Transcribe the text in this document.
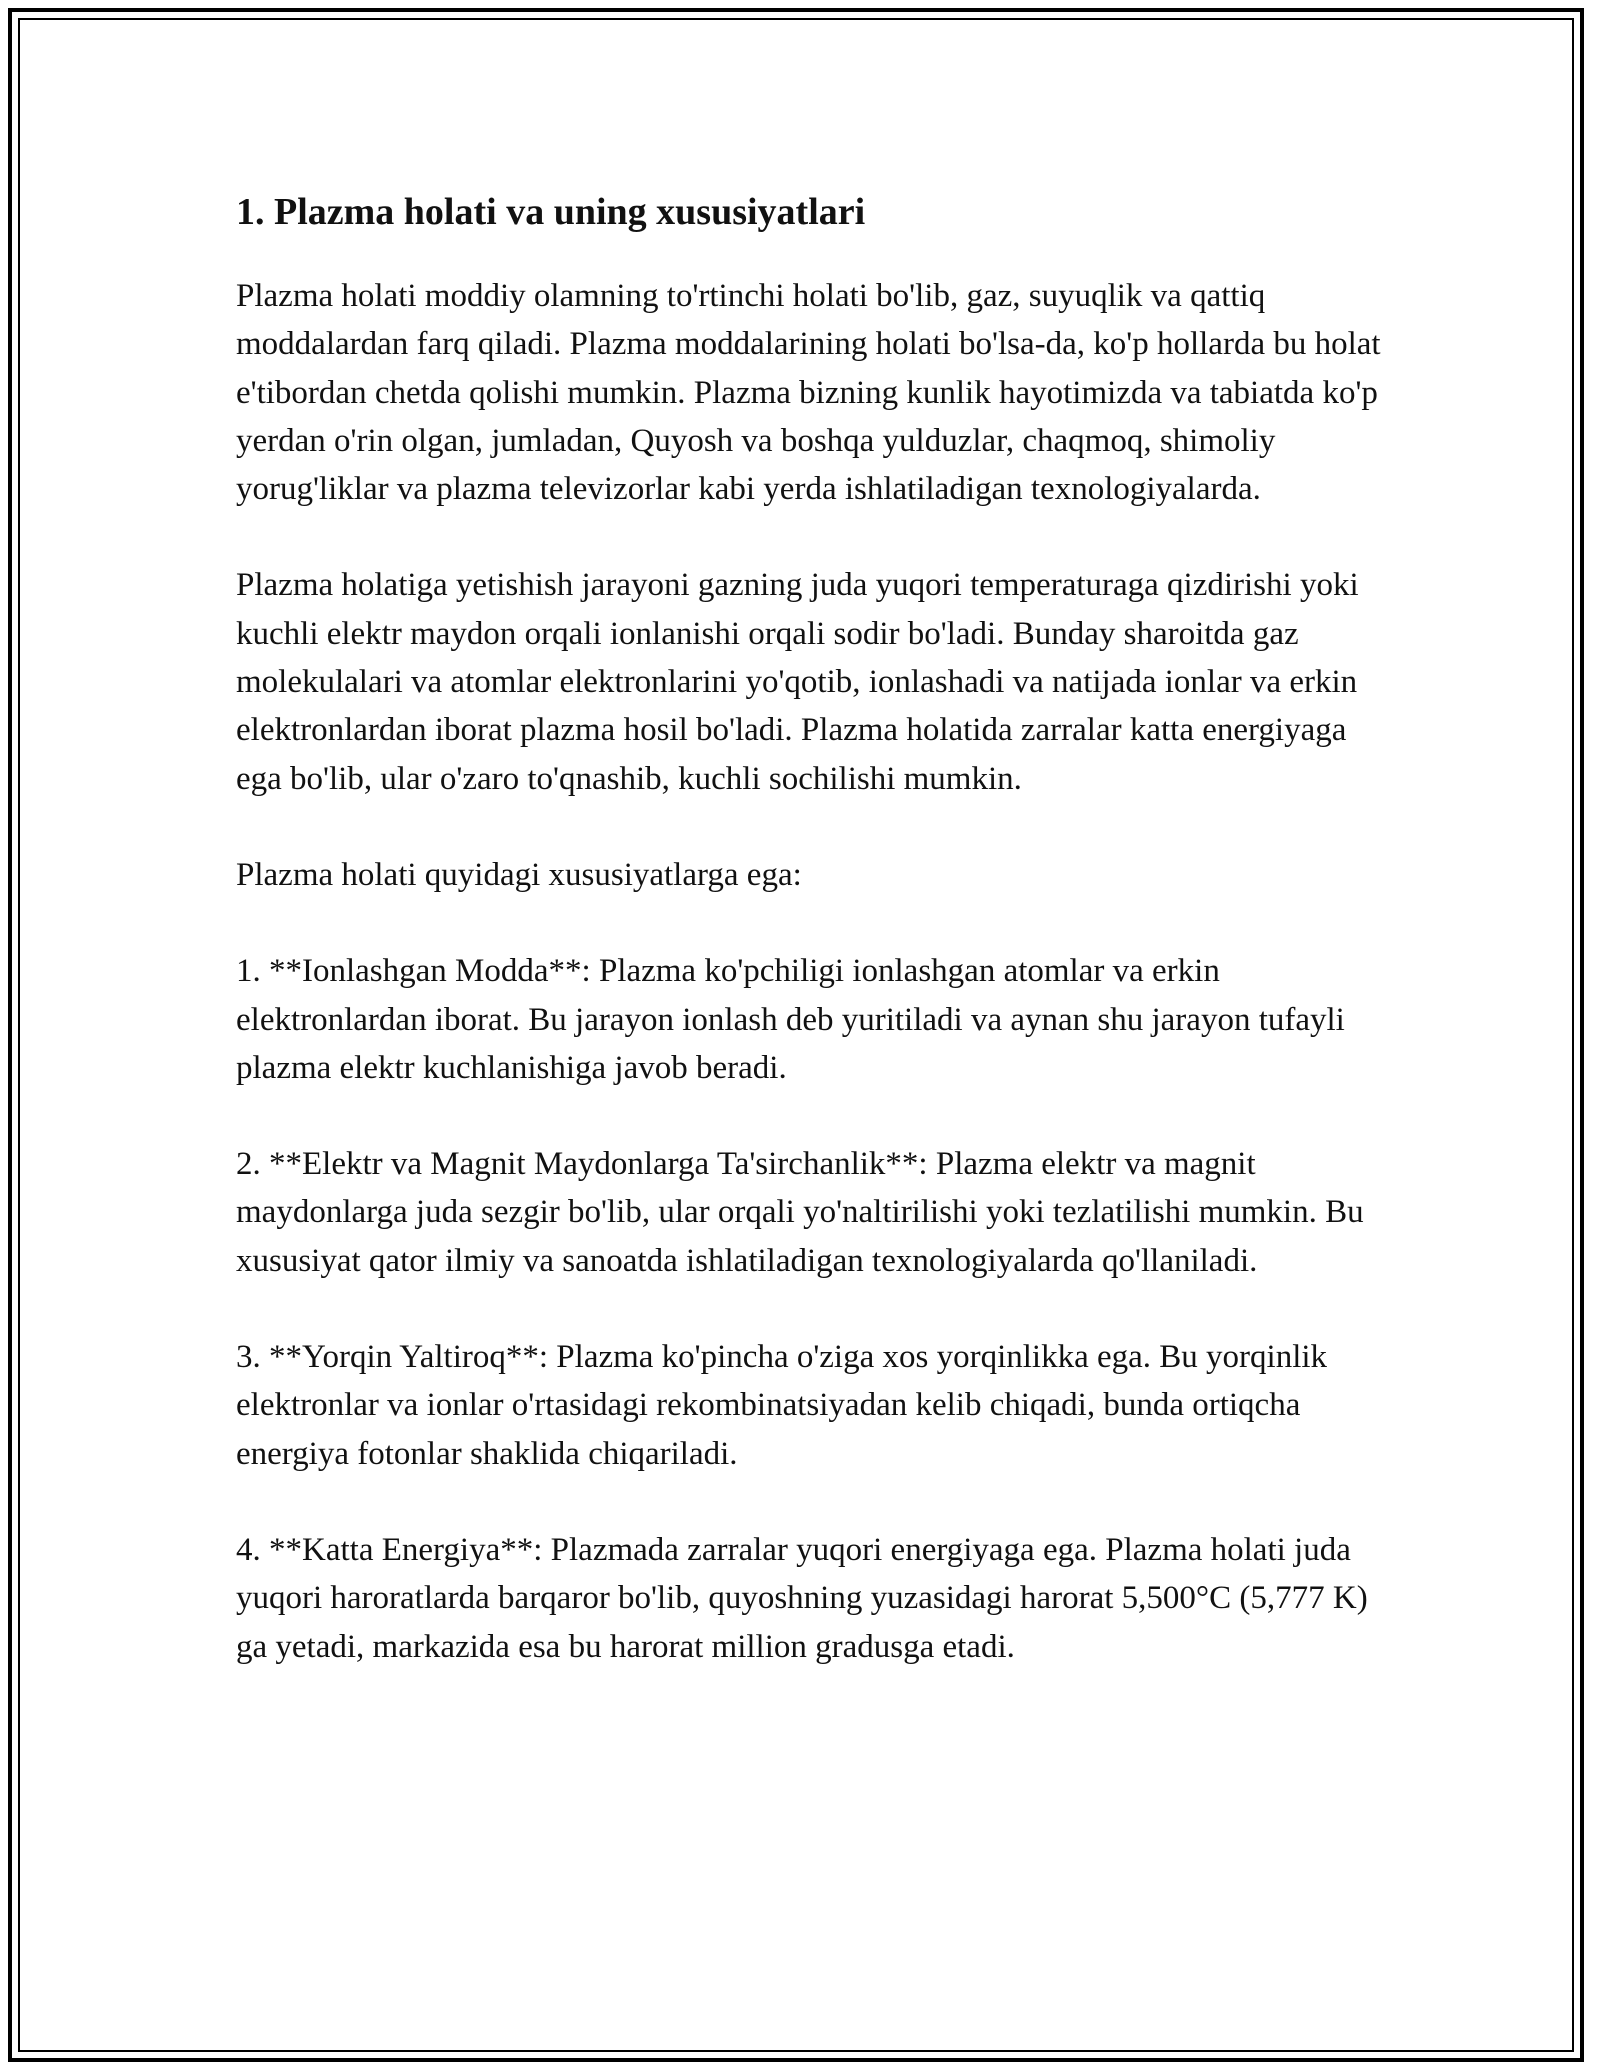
1. Plazma holati va uning xususiyatlari

Plazma holati moddiy olamning to'rtinchi holati bo'lib, gaz, suyuqlik va qattiq moddalardan farq qiladi. Plazma moddalarining holati bo'lsa-da, ko'p hollarda bu holat e'tibordan chetda qolishi mumkin. Plazma bizning kunlik hayotimizda va tabiatda ko'p yerdan o'rin olgan, jumladan, Quyosh va boshqa yulduzlar, chaqmoq, shimoliy yorug'liklar va plazma televizorlar kabi yerda ishlatiladigan texnologiyalarda.

Plazma holatiga yetishish jarayoni gazning juda yuqori temperaturaga qizdirishi yoki kuchli elektr maydon orqali ionlanishi orqali sodir bo'ladi. Bunday sharoitda gaz molekulalari va atomlar elektronlarini yo'qotib, ionlashadi va natijada ionlar va erkin elektronlardan iborat plazma hosil bo'ladi. Plazma holatida zarralar katta energiyaga ega bo'lib, ular o'zaro to'qnashib, kuchli sochilishi mumkin.

Plazma holati quyidagi xususiyatlarga ega:

1. **Ionlashgan Modda**: Plazma ko'pchiligi ionlashgan atomlar va erkin elektronlardan iborat. Bu jarayon ionlash deb yuritiladi va aynan shu jarayon tufayli plazma elektr kuchlanishiga javob beradi.

2. **Elektr va Magnit Maydonlarga Ta'sirchanlik**: Plazma elektr va magnit maydonlarga juda sezgir bo'lib, ular orqali yo'naltirilishi yoki tezlatilishi mumkin. Bu xususiyat qator ilmiy va sanoatda ishlatiladigan texnologiyalarda qo'llaniladi.

3. **Yorqin Yaltiroq**: Plazma ko'pincha o'ziga xos yorqinlikka ega. Bu yorqinlik elektronlar va ionlar o'rtasidagi rekombinatsiyadan kelib chiqadi, bunda ortiqcha energiya fotonlar shaklida chiqariladi.

4. **Katta Energiya**: Plazmada zarralar yuqori energiyaga ega. Plazma holati juda yuqori haroratlarda barqaror bo'lib, quyoshning yuzasidagi harorat 5,500°C (5,777 K) ga yetadi, markazida esa bu harorat million gradusga etadi.
